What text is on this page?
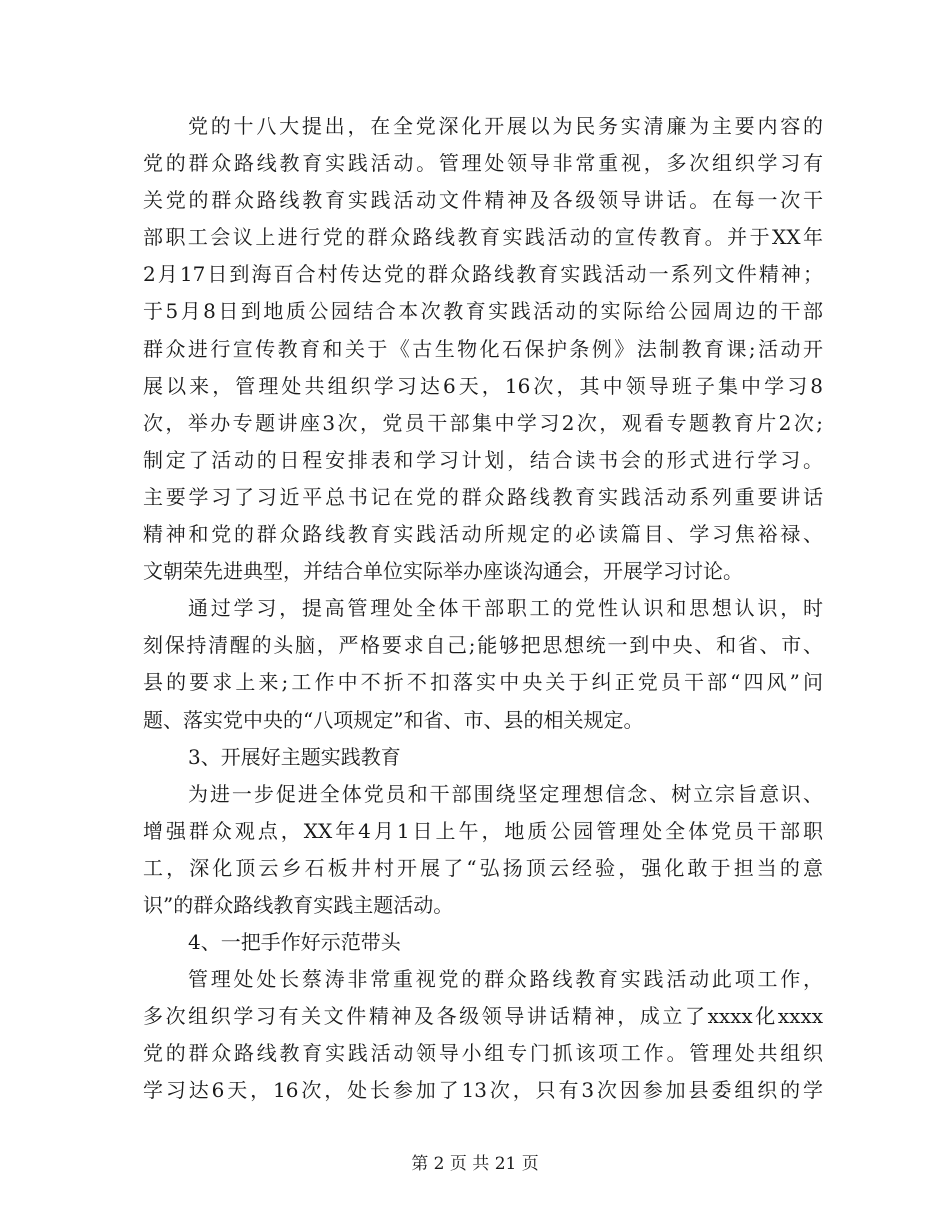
党的十八大提出，在全党深化开展以为民务实清廉为主要内容的
党的群众路线教育实践活动。管理处领导非常重视，多次组织学习有
关党的群众路线教育实践活动文件精神及各级领导讲话。在每一次干
部职工会议上进行党的群众路线教育实践活动的宣传教育。并于XX年
2月17日到海百合村传达党的群众路线教育实践活动一系列文件精神；
于5月8日到地质公园结合本次教育实践活动的实际给公园周边的干部
群众进行宣传教育和关于《古生物化石保护条例》法制教育课;活动开
展以来，管理处共组织学习达6天，16次，其中领导班子集中学习8
次，举办专题讲座3次，党员干部集中学习2次，观看专题教育片2次;
制定了活动的日程安排表和学习计划，结合读书会的形式进行学习。
主要学习了习近平总书记在党的群众路线教育实践活动系列重要讲话
精神和党的群众路线教育实践活动所规定的必读篇目、学习焦裕禄、
文朝荣先进典型，并结合单位实际举办座谈沟通会，开展学习讨论。
通过学习，提高管理处全体干部职工的党性认识和思想认识，时
刻保持清醒的头脑，严格要求自己;能够把思想统一到中央、和省、市、
县的要求上来;工作中不折不扣落实中央关于纠正党员干部“四风”问
题、落实党中央的“八项规定”和省、市、县的相关规定。
3、开展好主题实践教育
为进一步促进全体党员和干部围绕坚定理想信念、树立宗旨意识、
增强群众观点，XX年4月1日上午，地质公园管理处全体党员干部职
工，深化顶云乡石板井村开展了“弘扬顶云经验，强化敢于担当的意
识”的群众路线教育实践主题活动。
4、一把手作好示范带头
管理处处长蔡涛非常重视党的群众路线教育实践活动此项工作，
多次组织学习有关文件精神及各级领导讲话精神，成立了xxxx化xxxx
党的群众路线教育实践活动领导小组专门抓该项工作。管理处共组织
学习达6天，16次，处长参加了13次，只有3次因参加县委组织的学
第 2 页 共 21 页
